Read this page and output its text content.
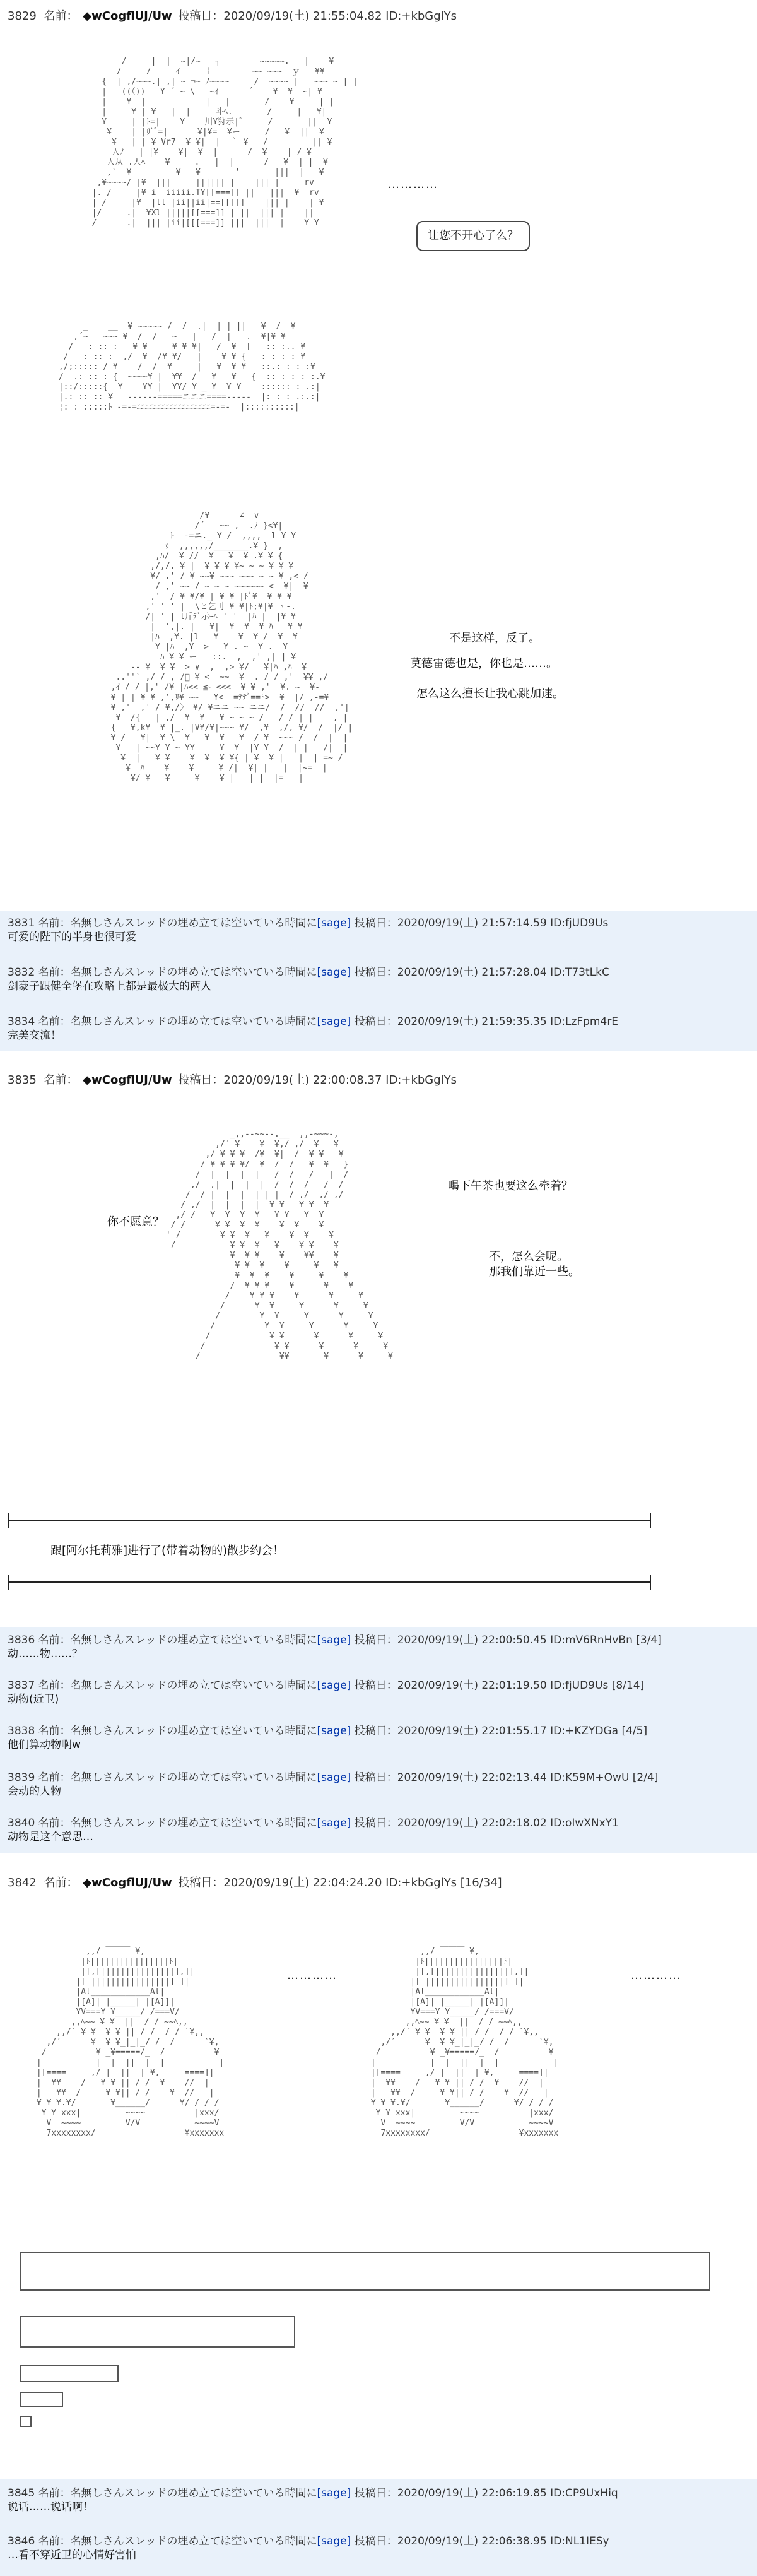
3829 名前： ◆wCogflUJ/Uw 投稿日：2020/09/19(土) 21:55:04.82 ID:+kbGglYs
/     |  |  ~|/~   ┐        ~~~~~.   |    ¥
/     /     ｲ     ￤        ~~ ~~~  ｙ   ¥¥
{  | ,/~~~.| ,| ~ ¬~ ﾉ~~~~     /  ~~~~ |   ~~~ ~ | |
|   ((（))   Y ´ ~ \   ~ｲ      ´    ¥  ¥  ~| ¥
|    ¥  |            |   |       /    ¥     | |
|     ¥ | ¥   |  |     斗ﾍ.       /     |   ¥|
¥     | |ﾄ=|    ¥    川¥狩示|ﾞ     /       ||  ¥
¥    | |ﾘ`ﾞ=|      ¥|¥=  ¥ー     /   ¥  ||  ¥
¥   | | ¥ Vr7  ¥ ¥|  |  ｀ ¥   /         || ¥
人ﾉ   | |¥    ¥|  ¥  |      /  ¥    | / ¥
人从 .人ﾍ    ¥     .   |  |      /   ¥  | |  ¥
,`  ¥         ¥   ¥       '       |||  |   ¥
,¥~~~~/ |¥  |||     |||||| |    ||| |     rv
|. /     |¥ i  iiiii.TY[[===]] ||   |||  ¥  rv
| /     |¥  |ll |ii||ii|==[[]]]    ||| |    | ¥
|/     .|  ¥Xl |||||[[===]] | ||  ||| |    ||
/      .|  ||| |ii|[[[===]] |||  |||  |    ¥ ¥

_    __  ¥ ~~~~~ /  /  .|  | | ||   ¥  /  ¥
,´~   ~~~ ¥  /  /   ~   |   /  |   .  ¥|¥ ¥
/   : :: :   ¥ ¥     ¥ ¥ ¥|   /  ¥  [   :: :.. ¥
/   : :: :  ,/  ¥  /¥ ¥/   |    ¥ ¥ {   : : : : ¥
,/;::::: / ¥    /  /  ¥     |   ¥  ¥ ¥   ::.: : : :¥
/  .: :: : {  ~~~~¥ |  ¥¥  /   ¥   ¥   {  :: : : : :.¥
|::/:::::{  ¥    ¥¥ |  ¥¥/ ¥ _ ¥  ¥ ¥    :::::: : .:|
|.: :: :: ¥   ------=====ニニニ====-----  |: : : .:.:|
¦: : :::::ﾄ -=-=ﾆﾆﾆﾆﾆﾆﾆﾆﾆﾆﾆﾆﾆﾆﾆﾆﾆﾆ=-=-  |::::::::::|
…………
让您不开心了么？
/¥      ∠  ∨
/´   ~~ ,  .ﾉ }<¥|
ﾄ  -=ニ._ ¥ /  ,,,,  l ¥ ¥
ｩ  ,,,,,,/_______.¥ }  ,
,ﾊ/  ¥ //  ¥   ¥  ¥ .¥ ¥ {
,/,/. ¥ |  ¥ ¥ ¥ ¥~ ~ ~ ¥ ¥ ¥
¥/ .' / ¥ ~~¥ ~~~ ~~~ ~ ~ ¥ ,< /
/ ,' ~~ / ~ ~ ~ ~~~~~~ <  ¥|  ¥
,'  / ¥ ¥/¥ | ¥ ¥ |ﾄﾞ¥  ¥ ¥ ¥
,' ' ' |  \ヒ乞刂 ¥ ¥|ﾄ;¥|¥ ヽ-.
/| ' | l斤ﾃﾞ示ｰﾍ ' '  |ﾊ |  |¥ ¥
|  ',|. |   ¥|  ¥  ¥  ¥ ﾊ   ¥ ¥
|ﾊ  ,¥. |l   ¥    ¥  ¥ /  ¥  ¥
¥ |ﾊ  ,¥  >   ¥ . ~  ¥ .  ¥
ﾊ ¥ ¥ ー   ::.  ,  ,' ,| | ¥
-- ¥  ¥ ¥  > ∨  ,  ,> ¥/   ¥|ﾊ ,ﾊ  ¥
..''` ,/ / , /ﾞ ¥ <  ~~  ¥  . / / ,'  ¥¥ ,/
,ｲ / / |,' /¥ |ﾊ<< ≦ー<<<  ¥ ¥ ,'  ¥. ~  ¥-
¥ | | ¥ ¥ ,',ﾘ¥ ~~   Y<  =ﾃﾃﾞ==ﾄ>  ¥  |/ ,-=¥
¥ ,'  ,' / ¥,/〉 ¥/ ¥ニニ ~~ ニニ/  /  //  //  ,'|
¥  /{   | ,/  ¥  ¥   ¥ ~ ~ ~ /   / / | |    , |
{   ¥,k¥  ¥ |_. |V¥/¥|~~~ ¥/  ,¥  ,/, ¥/  /  |/ |
¥ /   ¥|  ¥ \  ¥   ¥  ¥   ¥  / ¥  ~~~ /  /  |  |
¥   | ~~¥ ¥ ~ ¥¥     ¥  ¥  |¥ ¥  /  | |   /|  |
¥  |   ¥ ¥    ¥  ¥  ¥ ¥{ | ¥  ¥ |   |  | =~ /
¥  ﾊ    ¥    ¥     ¥ /|  ¥| |   |  |~=  |
¥/ ¥   ¥     ¥    ¥ |   | |  |=   |
不是这样，反了。
莫德雷德也是，你也是……。
怎么这么擅长让我心跳加速。
3831 名前：名無しさんスレッドの埋め立ては空いている時間に[sage] 投稿日：2020/09/19(土) 21:57:14.59 ID:fjUD9Us
可爱的陛下的半身也很可爱
3832 名前：名無しさんスレッドの埋め立ては空いている時間に[sage] 投稿日：2020/09/19(土) 21:57:28.04 ID:T73tLkC
剑豪子跟健全堡在攻略上都是最极大的两人
3834 名前：名無しさんスレッドの埋め立ては空いている時間に[sage] 投稿日：2020/09/19(土) 21:59:35.35 ID:LzFpm4rE
完美交流！
3835 名前： ◆wCogflUJ/Uw 投稿日：2020/09/19(土) 22:00:08.37 ID:+kbGglYs
_,,--~~--.__  ,,-~~~-,
,/´ ¥    ¥  ¥,/ ,/  ¥   ¥
,/ ¥ ¥ ¥  /¥  ¥|  /  ¥ ¥   ¥
/ ¥ ¥ ¥ ¥/  ¥  /  /   ¥  ¥   }
/  |  |  |  |   /  /   /   |  /
,/  ,|  |  |  |  /  /  /   /  /
/  / |  |  |  | | |  / ,/  ,/ ,/
/ ,/  |  |  |  |  ¥ ¥   ¥ ¥  ¥
,/ /   ¥  ¥  ¥  ¥   ¥ ¥   ¥  ¥
/ /      ¥ ¥  ¥  ¥    ¥  ¥    ¥
' /        ¥ ¥  ¥   ¥    ¥  ¥    ¥
/           ¥ ¥  ¥   ¥    ¥ ¥    ¥
¥  ¥ ¥    ¥    ¥¥    ¥
¥ ¥  ¥    ¥     ¥   ¥
¥  ¥  ¥    ¥     ¥    ¥
/  ¥ ¥ ¥    ¥      ¥    ¥
/    ¥ ¥ ¥    ¥      ¥     ¥
/      ¥  ¥     ¥      ¥     ¥
/        ¥  ¥     ¥      ¥     ¥
/          ¥  ¥     ¥      ¥     ¥
/            ¥ ¥      ¥      ¥     ¥
/              ¥ ¥      ¥      ¥     ¥
/                ¥¥       ¥      ¥     ¥
喝下午茶也要这么牵着？
你不愿意？
不，怎么会呢。
那我们靠近一些。
跟[阿尔托莉雅]进行了(带着动物的)散步约会！
3836 名前：名無しさんスレッドの埋め立ては空いている時間に[sage] 投稿日：2020/09/19(土) 22:00:50.45 ID:mV6RnHvBn [3/4]
动……物……？
3837 名前：名無しさんスレッドの埋め立ては空いている時間に[sage] 投稿日：2020/09/19(土) 22:01:19.50 ID:fjUD9Us [8/14]
动物(近卫)
3838 名前：名無しさんスレッドの埋め立ては空いている時間に[sage] 投稿日：2020/09/19(土) 22:01:55.17 ID:+KZYDGa [4/5]
他们算动物啊w
3839 名前：名無しさんスレッドの埋め立ては空いている時間に[sage] 投稿日：2020/09/19(土) 22:02:13.44 ID:K59M+OwU [2/4]
会动的人物
3840 名前：名無しさんスレッドの埋め立ては空いている時間に[sage] 投稿日：2020/09/19(土) 22:02:18.02 ID:oIwXNxY1
动物是这个意思…
3842 名前： ◆wCogflUJ/Uw 投稿日：2020/09/19(土) 22:04:24.20 ID:+kbGglYs [16/34]
,,/ ￣￣￣ ¥,
|ﾄ||||||||||||||||ﾄ|
|[,[|||||||||||||||],]|
|[ ||||||||||||||||] ]|
|Al____________Al|
|[A]| |_____| |[A]]|
¥V===¥ ¥_____/ /===V/
,,ﾍ~~ ¥ ¥  ||  / / ~~ﾍ,,
,,/´ ¥ ¥  ¥ ¥ || / /  / / `¥,,
,/´      ¥  ¥ ¥_|_|_/ /  /      `¥,
/          ¥ _¥=====/_  /          ¥
|           |  |  ||  |  |           |
|[====     ,/ |  ||  | ¥,     ====]|
|  ¥¥    /   ¥ ¥ || / /  ¥    //  |
|   ¥¥  /     ¥ ¥|| / /    ¥  //   |
¥ ¥ ¥.¥/       ¥______/      ¥/ / / /
¥ ¥ xxx|         ~~~~          |xxx/
V  ~~~~         V/V           ~~~~V
7xxxxxxxx/                  ¥xxxxxxx
,,/ ￣￣￣ ¥,
|ﾄ||||||||||||||||ﾄ|
|[,[|||||||||||||||],]|
|[ ||||||||||||||||] ]|
|Al____________Al|
|[A]| |_____| |[A]]|
¥V===¥ ¥_____/ /===V/
,,ﾍ~~ ¥ ¥  ||  / / ~~ﾍ,,
,,/´ ¥ ¥  ¥ ¥ || / /  / / `¥,,
,/´      ¥  ¥ ¥_|_|_/ /  /      `¥,
/          ¥ _¥=====/_  /          ¥
|           |  |  ||  |  |           |
|[====     ,/ |  ||  | ¥,     ====]|
|  ¥¥    /   ¥ ¥ || / /  ¥    //  |
|   ¥¥  /     ¥ ¥|| / /    ¥  //   |
¥ ¥ ¥.¥/       ¥______/      ¥/ / / /
¥ ¥ xxx|         ~~~~          |xxx/
V  ~~~~         V/V           ~~~~V
7xxxxxxxx/                  ¥xxxxxxx
…………	…………
3845 名前：名無しさんスレッドの埋め立ては空いている時間に[sage] 投稿日：2020/09/19(土) 22:06:19.85 ID:CP9UxHiq
说话……说话啊！
3846 名前：名無しさんスレッドの埋め立ては空いている時間に[sage] 投稿日：2020/09/19(土) 22:06:38.95 ID:NL1IESy
…看不穿近卫的心情好害怕
